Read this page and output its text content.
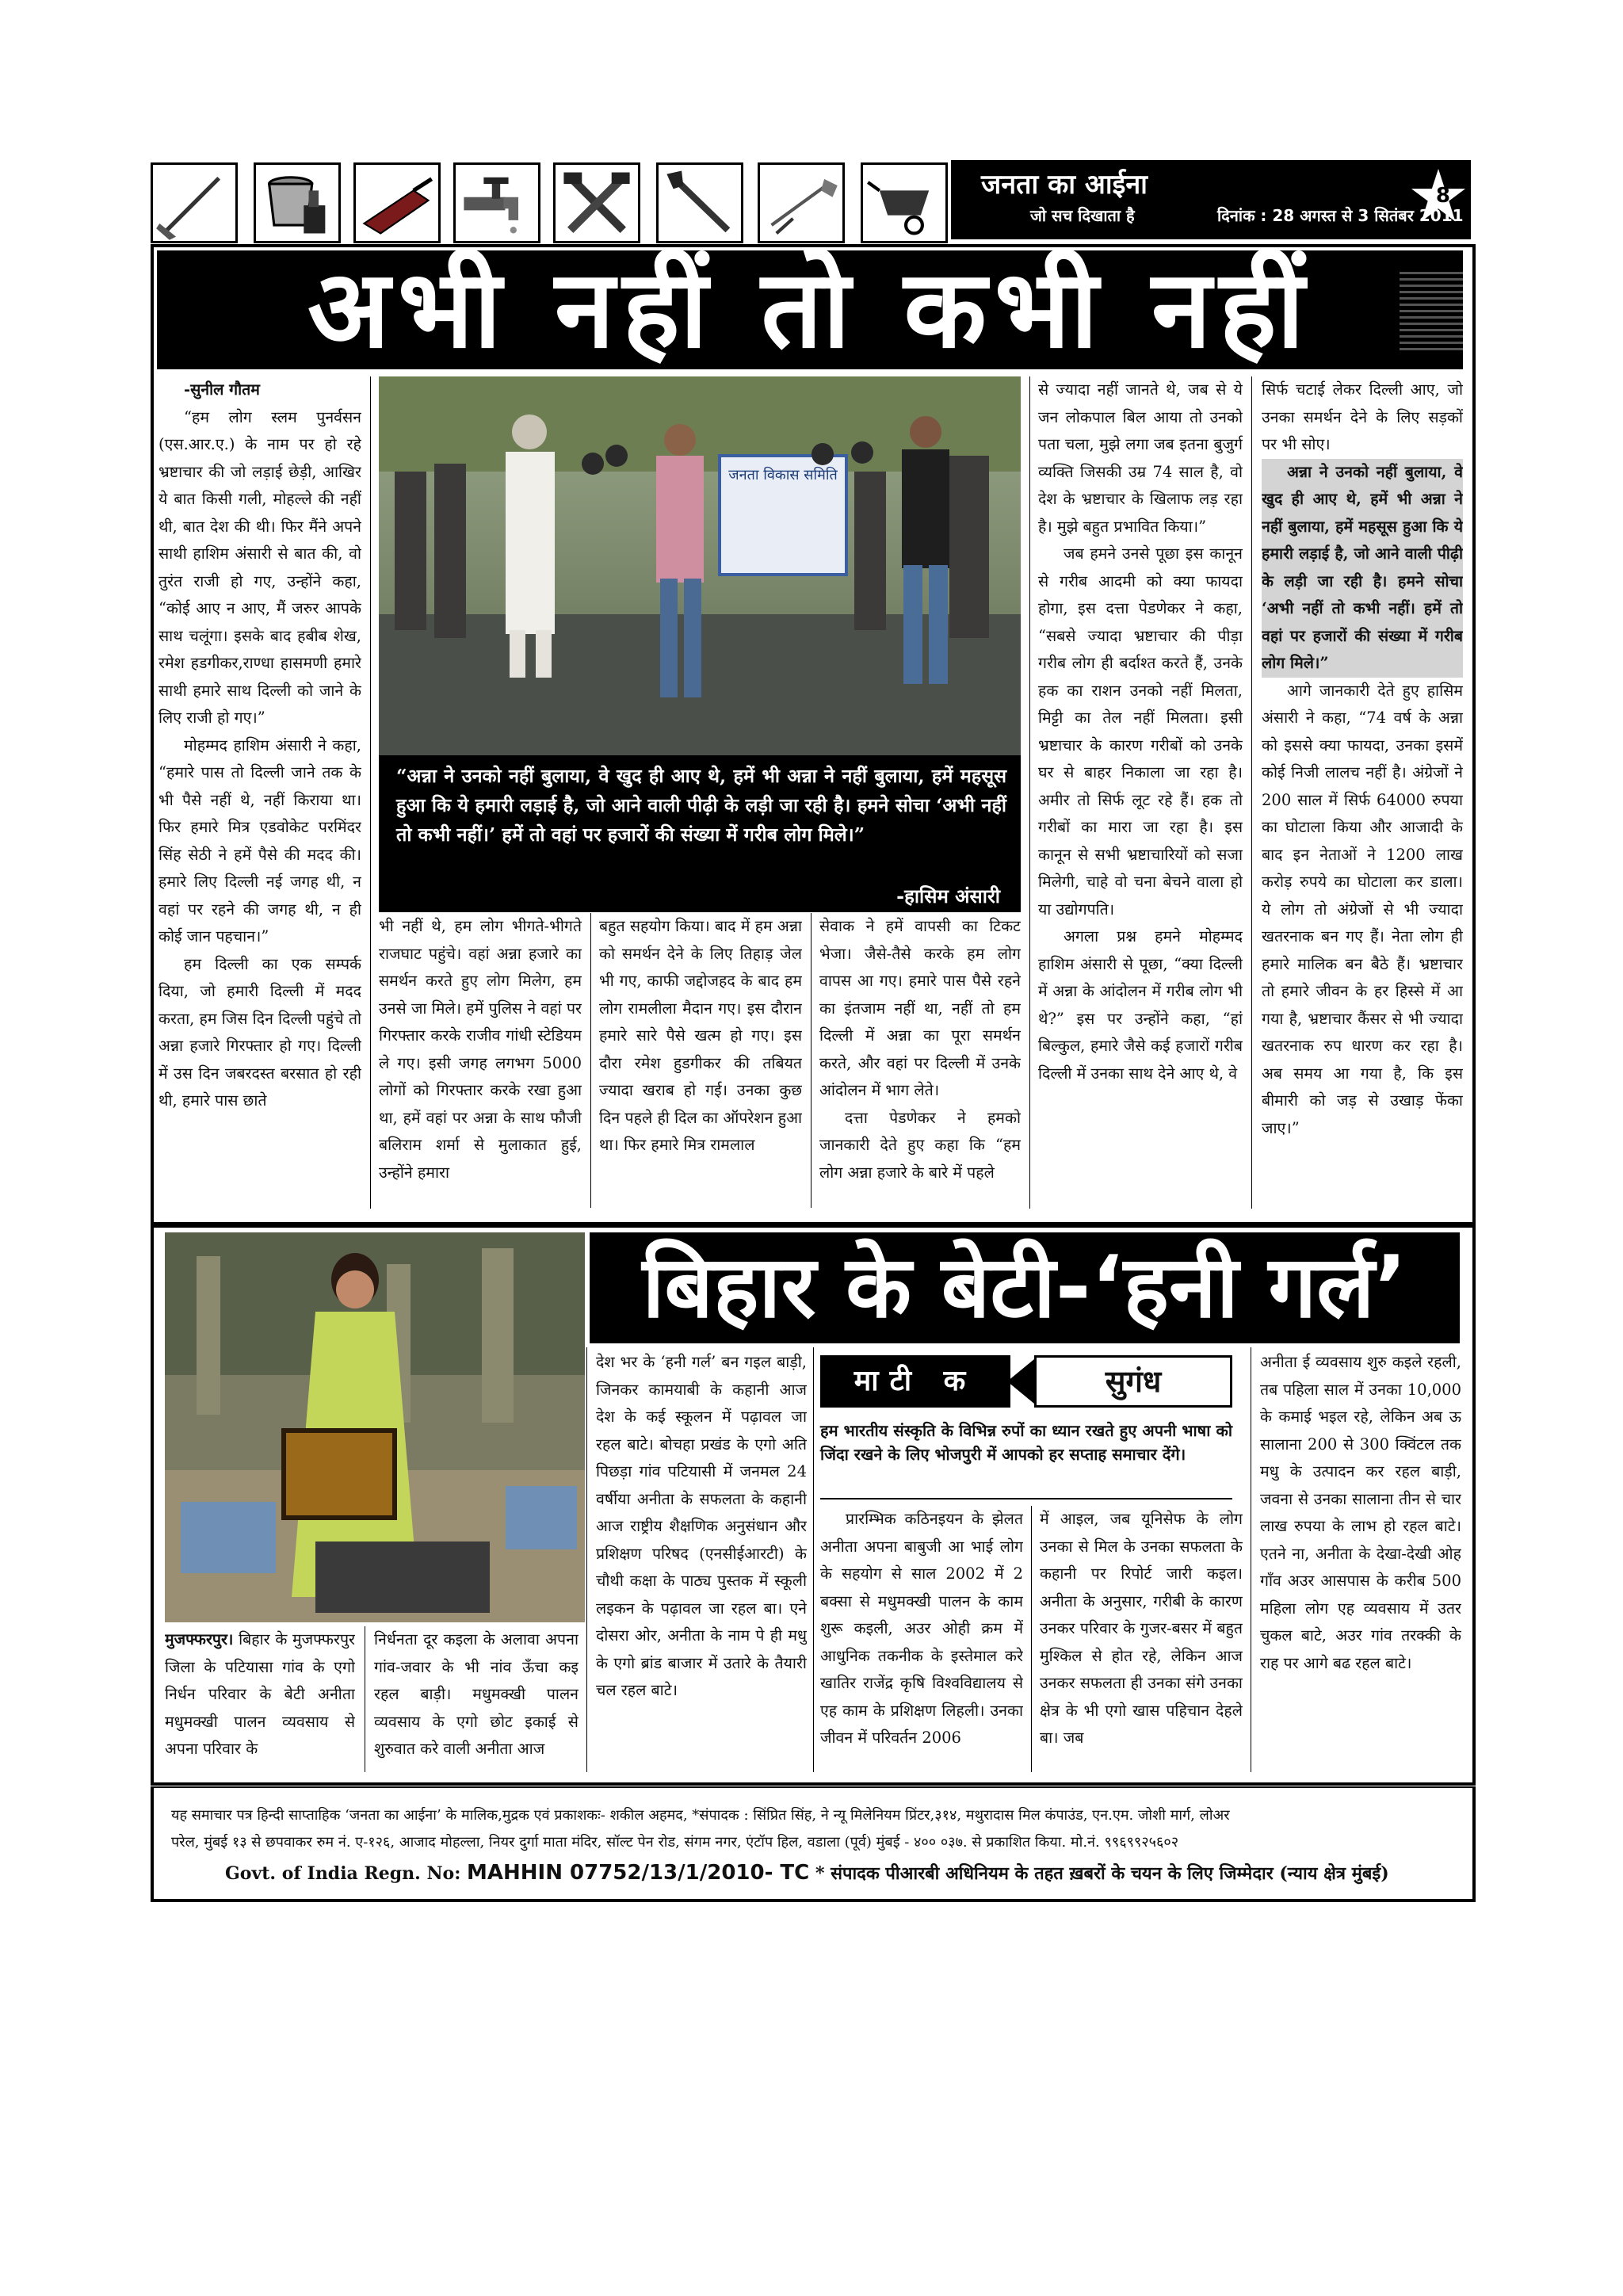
जनता का आईना
जो सच दिखाता है	दिनांक : 28 अगस्त से 3 सितंबर 2011
8
अभी नहीं तो कभी नहीं

-सुनील गौतम

“हम लोग स्लम पुनर्वसन (एस.आर.ए.) के नाम पर हो रहे भ्रष्टाचार की जो लड़ाई छेड़ी, आखिर ये बात किसी गली, मोहल्ले की नहीं थी, बात देश की थी। फिर मैंने अपने साथी हाशिम अंसारी से बात की, वो तुरंत राजी हो गए, उन्होंने कहा, “कोई आए न आए, मैं जरुर आपके साथ चलूंगा। इसके बाद हबीब शेख, रमेश हडगीकर,राण्धा हासमणी हमारे साथी हमारे साथ दिल्ली को जाने के लिए राजी हो गए।”

मोहम्मद हाशिम अंसारी ने कहा, “हमारे पास तो दिल्ली जाने तक के भी पैसे नहीं थे, नहीं किराया था। फिर हमारे मित्र एडवोकेट परमिंदर सिंह सेठी ने हमें पैसे की मदद की। हमारे लिए दिल्ली नई जगह थी, न वहां पर रहने की जगह थी, न ही कोई जान पहचान।”

हम दिल्ली का एक सम्पर्क दिया, जो हमारी दिल्ली में मदद करता, हम जिस दिन दिल्ली पहुंचे तो अन्ना हजारे गिरफ्तार हो गए। दिल्ली में उस दिन जबरदस्त बरसात हो रही थी, हमारे पास छाते

जनता विकास समिति
“अन्ना ने उनको नहीं बुलाया, वे खुद ही आए थे, हमें भी अन्ना ने नहीं बुलाया, हमें महसूस हुआ कि ये हमारी लड़ाई है, जो आने वाली पीढ़ी के लड़ी जा रही है। हमने सोचा ‘अभी नहीं तो कभी नहीं।’ हमें तो वहां पर हजारों की संख्या में गरीब लोग मिले।”
-हासिम अंसारी

भी नहीं थे, हम लोग भीगते-भीगते राजघाट पहुंचे। वहां अन्ना हजारे का समर्थन करते हुए लोग मिलेग, हम उनसे जा मिले। हमें पुलिस ने वहां पर गिरफ्तार करके राजीव गांधी स्टेडियम ले गए। इसी जगह लगभग 5000 लोगों को गिरफ्तार करके रखा हुआ था, हमें वहां पर अन्ना के साथ फौजी बलिराम शर्मा से मुलाकात हुई, उन्होंने हमारा

बहुत सहयोग किया। बाद में हम अन्ना को समर्थन देने के लिए तिहाड़ जेल भी गए, काफी जद्दोजहद के बाद हम लोग रामलीला मैदान गए। इस दौरान हमारे सारे पैसे खत्म हो गए। इस दौरा रमेश हुडगीकर की तबियत ज्यादा खराब हो गई। उनका कुछ दिन पहले ही दिल का ऑपरेशन हुआ था। फिर हमारे मित्र रामलाल

सेवाक ने हमें वापसी का टिकट भेजा। जैसे-तैसे करके हम लोग वापस आ गए। हमारे पास पैसे रहने का इंतजाम नहीं था, नहीं तो हम दिल्ली में अन्ना का पूरा समर्थन करते, और वहां पर दिल्ली में उनके आंदोलन में भाग लेते।

दत्ता पेडणेकर ने हमको जानकारी देते हुए कहा कि “हम लोग अन्ना हजारे के बारे में पहले

से ज्यादा नहीं जानते थे, जब से ये जन लोकपाल बिल आया तो उनको पता चला, मुझे लगा जब इतना बुजुर्ग व्यक्ति जिसकी उम्र 74 साल है, वो देश के भ्रष्टाचार के खिलाफ लड़ रहा है। मुझे बहुत प्रभावित किया।”

जब हमने उनसे पूछा इस कानून से गरीब आदमी को क्या फायदा होगा, इस दत्ता पेडणेकर ने कहा, “सबसे ज्यादा भ्रष्टाचार की पीड़ा गरीब लोग ही बर्दाश्त करते हैं, उनके हक का राशन उनको नहीं मिलता, मिट्टी का तेल नहीं मिलता। इसी भ्रष्टाचार के कारण गरीबों को उनके घर से बाहर निकाला जा रहा है। अमीर तो सिर्फ लूट रहे हैं। हक तो गरीबों का मारा जा रहा है। इस कानून से सभी भ्रष्टाचारियों को सजा मिलेगी, चाहे वो चना बेचने वाला हो या उद्योगपति।

अगला प्रश्न हमने मोहम्मद हाशिम अंसारी से पूछा, “क्या दिल्ली में अन्ना के आंदोलन में गरीब लोग भी थे?” इस पर उन्होंने कहा, “हां बिल्कुल, हमारे जैसे कई हजारों गरीब दिल्ली में उनका साथ देने आए थे, वे

सिर्फ चटाई लेकर दिल्ली आए, जो उनका समर्थन देने के लिए सड़कों पर भी सोए।

अन्ना ने उनको नहीं बुलाया, वे खुद ही आए थे, हमें भी अन्ना ने नहीं बुलाया, हमें महसूस हुआ कि ये हमारी लड़ाई है, जो आने वाली पीढ़ी के लड़ी जा रही है। हमने सोचा ‘अभी नहीं तो कभी नहीं। हमें तो वहां पर हजारों की संख्या में गरीब लोग मिले।”

आगे जानकारी देते हुए हासिम अंसारी ने कहा, “74 वर्ष के अन्ना को इससे क्या फायदा, उनका इसमें कोई निजी लालच नहीं है। अंग्रेजों ने 200 साल में सिर्फ 64000 रुपया का घोटाला किया और आजादी के बाद इन नेताओं ने 1200 लाख करोड़ रुपये का घोटाला कर डाला। ये लोग तो अंग्रेजों से भी ज्यादा खतरनाक बन गए हैं। नेता लोग ही हमारे मालिक बन बैठे हैं। भ्रष्टाचार तो हमारे जीवन के हर हिस्से में आ गया है, भ्रष्टाचार कैंसर से भी ज्यादा खतरनाक रुप धारण कर रहा है। अब समय आ गया है, कि इस बीमारी को जड़ से उखाड़ फेंका जाए।”

बिहार के बेटी-‘हनी गर्ल’

मुजफ्फरपुर। बिहार के मुजफ्फरपुर जिला के पटियासा गांव के एगो निर्धन परिवार के बेटी अनीता मधुमक्खी पालन व्यवसाय से अपना परिवार के

निर्धनता दूर कइला के अलावा अपना गांव-जवार के भी नांव ऊँचा कइ रहल बाड़ी। मधुमक्खी पालन व्यवसाय के एगो छोट इकाई से शुरुवात करे वाली अनीता आज

देश भर के ‘हनी गर्ल’ बन गइल बाड़ी, जिनकर कामयाबी के कहानी आज देश के कई स्कूलन में पढ़ावल जा रहल बाटे। बोचहा प्रखंड के एगो अति पिछड़ा गांव पटियासी में जनमल 24 वर्षीया अनीता के सफलता के कहानी आज राष्ट्रीय शैक्षणिक अनुसंधान और प्रशिक्षण परिषद (एनसीईआरटी) के चौथी कक्षा के पाठ्य पुस्तक में स्कूली लइकन के पढ़ावल जा रहल बा। एने दोसरा ओर, अनीता के नाम पे ही मधु के एगो ब्रांड बाजार में उतारे के तैयारी चल रहल बाटे।

माटी क	सुगंध
हम भारतीय संस्कृति के विभिन्न रुपों का ध्यान रखते हुए अपनी भाषा को जिंदा रखने के लिए भोजपुरी में आपको हर सप्ताह समाचार देंगे।

प्रारम्भिक कठिनइयन के झेलत अनीता अपना बाबुजी आ भाई लोग के सहयोग से साल 2002 में 2 बक्सा से मधुमक्खी पालन के काम शुरू कइली, अउर ओही क्रम में आधुनिक तकनीक के इस्तेमाल करे खातिर राजेंद्र कृषि विश्वविद्यालय से एह काम के प्रशिक्षण लिहली। उनका जीवन में परिवर्तन 2006

में आइल, जब यूनिसेफ के लोग उनका से मिल के उनका सफलता के कहानी पर रिपोर्ट जारी कइल। अनीता के अनुसार, गरीबी के कारण उनकर परिवार के गुजर-बसर में बहुत मुश्किल से होत रहे, लेकिन आज उनकर सफलता ही उनका संगे उनका क्षेत्र के भी एगो खास पहिचान देहले बा। जब

अनीता ई व्यवसाय शुरु कइले रहली, तब पहिला साल में उनका 10,000 के कमाई भइल रहे, लेकिन अब ऊ सालाना 200 से 300 क्विंटल तक मधु के उत्पादन कर रहल बाड़ी, जवना से उनका सालाना तीन से चार लाख रुपया के लाभ हो रहल बाटे। एतने ना, अनीता के देखा-देखी ओह गाँव अउर आसपास के करीब 500 महिला लोग एह व्यवसाय में उतर चुकल बाटे, अउर गांव तरक्की के राह पर आगे बढ रहल बाटे।

यह समाचार पत्र हिन्दी साप्ताहिक ‘जनता का आईना’ के मालिक,मुद्रक एवं प्रकाशकः- शकील अहमद, *संपादक : सिंप्रित सिंह, ने न्यू मिलेनियम प्रिंटर,३१४, मथुरादास मिल कंपाउंड, एन.एम. जोशी मार्ग, लोअर
परेल, मुंबई १३ से छपवाकर रुम नं. ए-१२६, आजाद मोहल्ला, नियर दुर्गा माता मंदिर, सॉल्ट पेन रोड, संगम नगर, एंटॉप हिल, वडाला (पूर्व) मुंबई - ४०० ०३७. से प्रकाशित किया. मो.नं. ९९६९९२५६०२
Govt. of India Regn. No: MAHHIN 07752/13/1/2010- TC * संपादक पीआरबी अधिनियम के तहत ख़बरों के चयन के लिए जिम्मेदार (न्याय क्षेत्र मुंबई)
